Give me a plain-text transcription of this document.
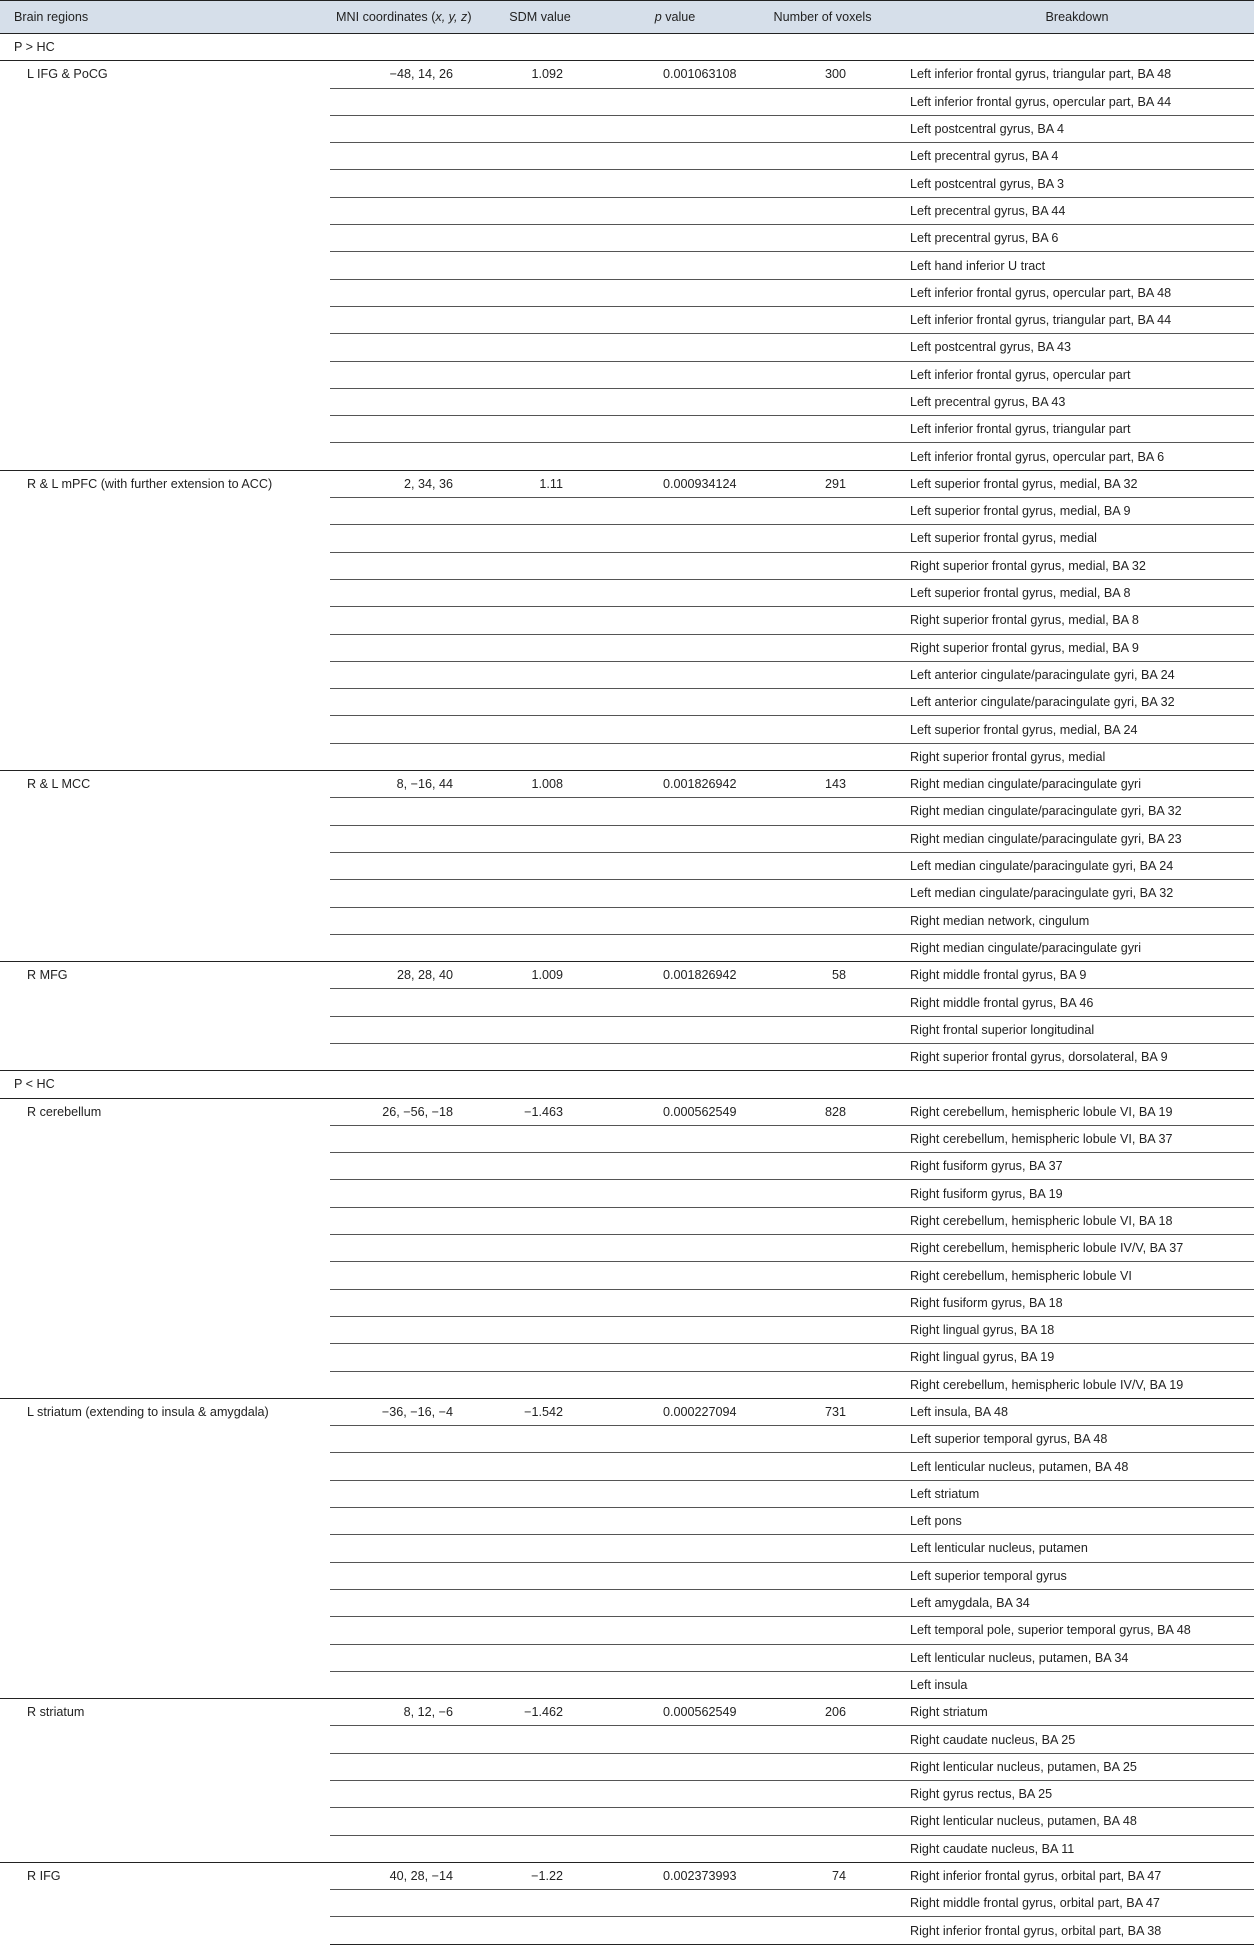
Brain regions	MNI coordinates (x, y, z)	SDM value	p value	Number of voxels	Breakdown
P > HC					
L IFG & PoCG	−48, 14, 26	1.092	0.001063108	300	Left inferior frontal gyrus, triangular part, BA 48
					Left inferior frontal gyrus, opercular part, BA 44
					Left postcentral gyrus, BA 4
					Left precentral gyrus, BA 4
					Left postcentral gyrus, BA 3
					Left precentral gyrus, BA 44
					Left precentral gyrus, BA 6
					Left hand inferior U tract
					Left inferior frontal gyrus, opercular part, BA 48
					Left inferior frontal gyrus, triangular part, BA 44
					Left postcentral gyrus, BA 43
					Left inferior frontal gyrus, opercular part
					Left precentral gyrus, BA 43
					Left inferior frontal gyrus, triangular part
					Left inferior frontal gyrus, opercular part, BA 6
R & L mPFC (with further extension to ACC)	2, 34, 36	1.11	0.000934124	291	Left superior frontal gyrus, medial, BA 32
					Left superior frontal gyrus, medial, BA 9
					Left superior frontal gyrus, medial
					Right superior frontal gyrus, medial, BA 32
					Left superior frontal gyrus, medial, BA 8
					Right superior frontal gyrus, medial, BA 8
					Right superior frontal gyrus, medial, BA 9
					Left anterior cingulate/paracingulate gyri, BA 24
					Left anterior cingulate/paracingulate gyri, BA 32
					Left superior frontal gyrus, medial, BA 24
					Right superior frontal gyrus, medial
R & L MCC	8, −16, 44	1.008	0.001826942	143	Right median cingulate/paracingulate gyri
					Right median cingulate/paracingulate gyri, BA 32
					Right median cingulate/paracingulate gyri, BA 23
					Left median cingulate/paracingulate gyri, BA 24
					Left median cingulate/paracingulate gyri, BA 32
					Right median network, cingulum
					Right median cingulate/paracingulate gyri
R MFG	28, 28, 40	1.009	0.001826942	58	Right middle frontal gyrus, BA 9
					Right middle frontal gyrus, BA 46
					Right frontal superior longitudinal
					Right superior frontal gyrus, dorsolateral, BA 9
P < HC					
R cerebellum	26, −56, −18	−1.463	0.000562549	828	Right cerebellum, hemispheric lobule VI, BA 19
					Right cerebellum, hemispheric lobule VI, BA 37
					Right fusiform gyrus, BA 37
					Right fusiform gyrus, BA 19
					Right cerebellum, hemispheric lobule VI, BA 18
					Right cerebellum, hemispheric lobule IV/V, BA 37
					Right cerebellum, hemispheric lobule VI
					Right fusiform gyrus, BA 18
					Right lingual gyrus, BA 18
					Right lingual gyrus, BA 19
					Right cerebellum, hemispheric lobule IV/V, BA 19
L striatum (extending to insula & amygdala)	−36, −16, −4	−1.542	0.000227094	731	Left insula, BA 48
					Left superior temporal gyrus, BA 48
					Left lenticular nucleus, putamen, BA 48
					Left striatum
					Left pons
					Left lenticular nucleus, putamen
					Left superior temporal gyrus
					Left amygdala, BA 34
					Left temporal pole, superior temporal gyrus, BA 48
					Left lenticular nucleus, putamen, BA 34
					Left insula
R striatum	8, 12, −6	−1.462	0.000562549	206	Right striatum
					Right caudate nucleus, BA 25
					Right lenticular nucleus, putamen, BA 25
					Right gyrus rectus, BA 25
					Right lenticular nucleus, putamen, BA 48
					Right caudate nucleus, BA 11
R IFG	40, 28, −14	−1.22	0.002373993	74	Right inferior frontal gyrus, orbital part, BA 47
					Right middle frontal gyrus, orbital part, BA 47
					Right inferior frontal gyrus, orbital part, BA 38
